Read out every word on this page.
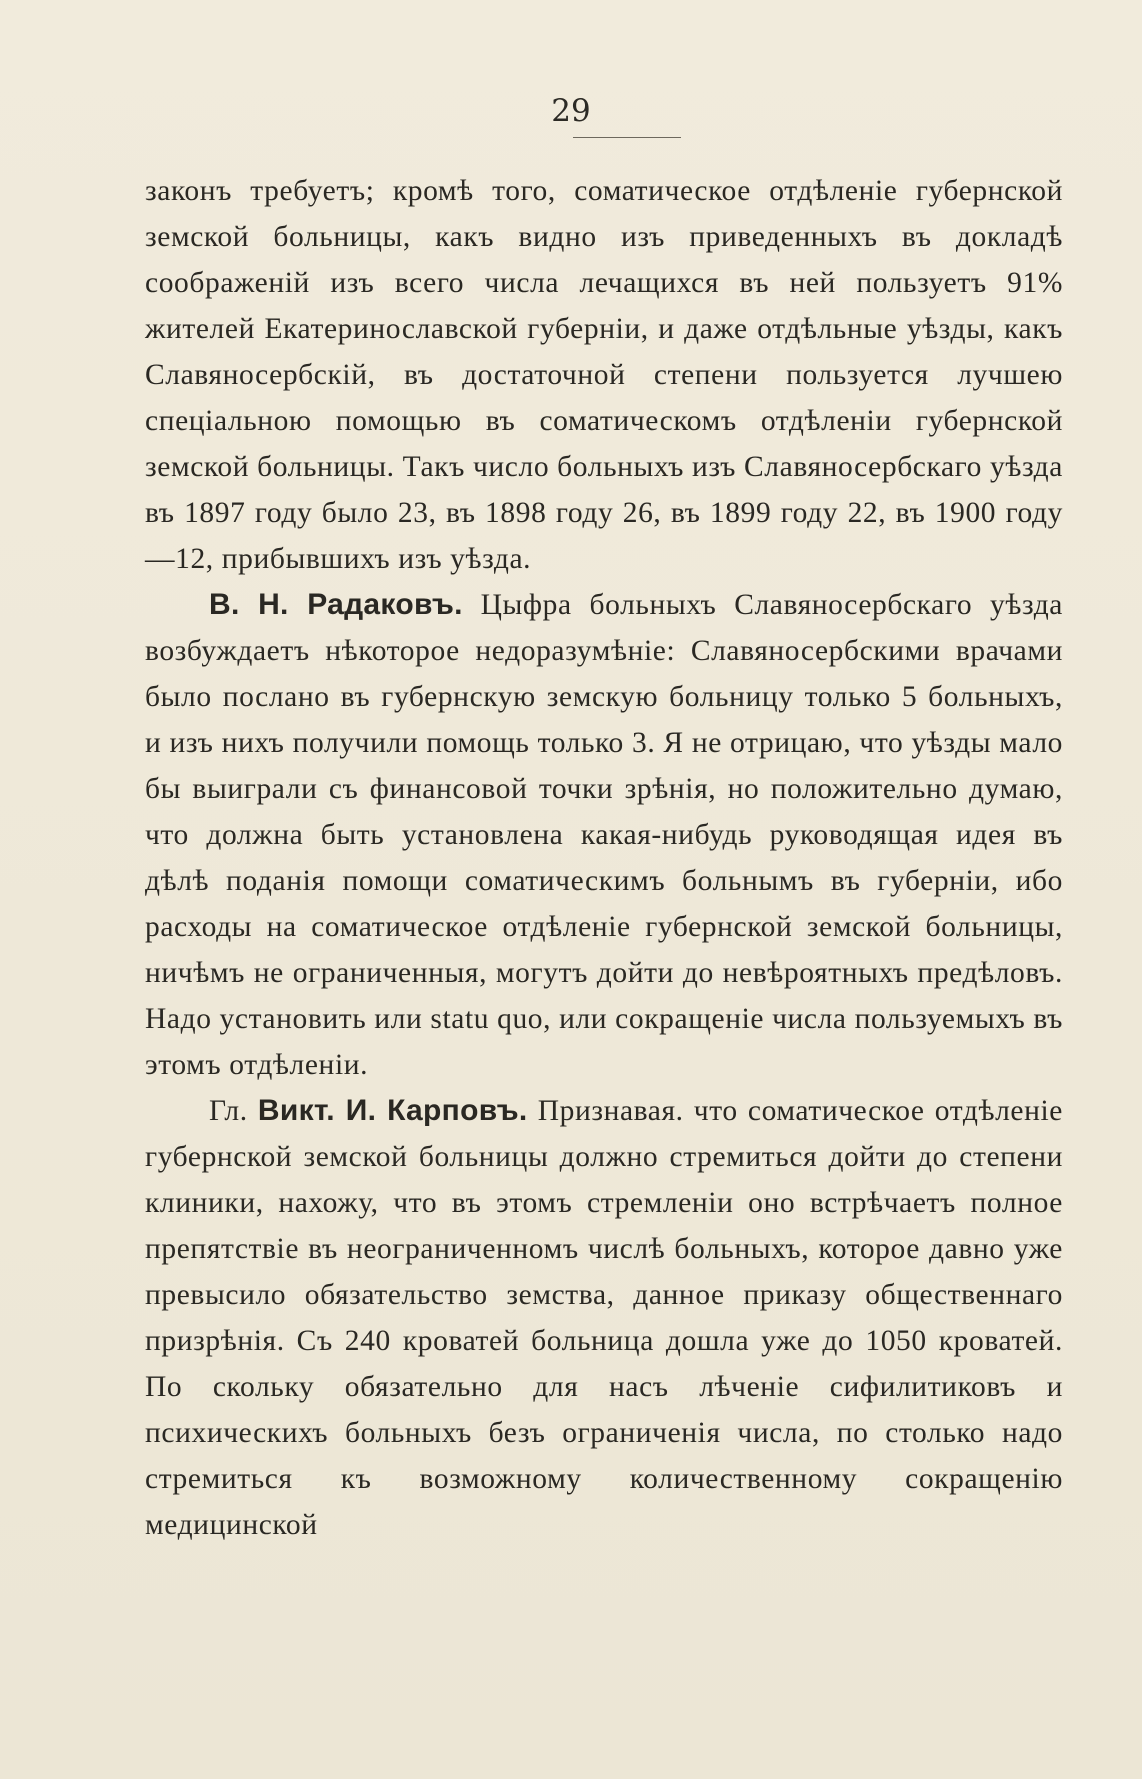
29

законъ требуетъ; кромѣ того, соматическое отдѣленіе губернской земской больницы, какъ видно изъ приведенныхъ въ докладѣ соображеній изъ всего числа лечащихся въ ней пользуетъ 91% жителей Екатеринославской губерніи, и даже отдѣльные уѣзды, какъ Славяносербскій, въ достаточной степени пользуется лучшею спеціальною помощью въ соматическомъ отдѣленіи губернской земской больницы. Такъ число больныхъ изъ Славяносербскаго уѣзда въ 1897 году было 23, въ 1898 году 26, въ 1899 году 22, въ 1900 году—12, прибывшихъ изъ уѣзда.

В. Н. Радаковъ. Цыфра больныхъ Славяносербскаго уѣзда возбуждаетъ нѣкоторое недоразумѣніе: Славяносербскими врачами было послано въ губернскую земскую больницу только 5 больныхъ, и изъ нихъ получили помощь только 3. Я не отрицаю, что уѣзды мало бы выиграли съ финансовой точки зрѣнія, но положительно думаю, что должна быть установлена какая-нибудь руководящая идея въ дѣлѣ поданія помощи соматическимъ больнымъ въ губерніи, ибо расходы на соматическое отдѣленіе губернской земской больницы, ничѣмъ не ограниченныя, могутъ дойти до невѣроятныхъ предѣловъ. Надо установить или statu quo, или сокращеніе числа пользуемыхъ въ этомъ отдѣленіи.

Гл. Викт. И. Карповъ. Признавая. что соматическое отдѣленіе губернской земской больницы должно стремиться дойти до степени клиники, нахожу, что въ этомъ стремленіи оно встрѣчаетъ полное препятствіе въ неограниченномъ числѣ больныхъ, которое давно уже превысило обязательство земства, данное приказу общественнаго призрѣнія. Съ 240 кроватей больница дошла уже до 1050 кроватей. По скольку обязательно для насъ лѣченіе сифилитиковъ и психическихъ больныхъ безъ ограниченія числа, по столько надо стремиться къ возможному количественному сокращенію медицинской
